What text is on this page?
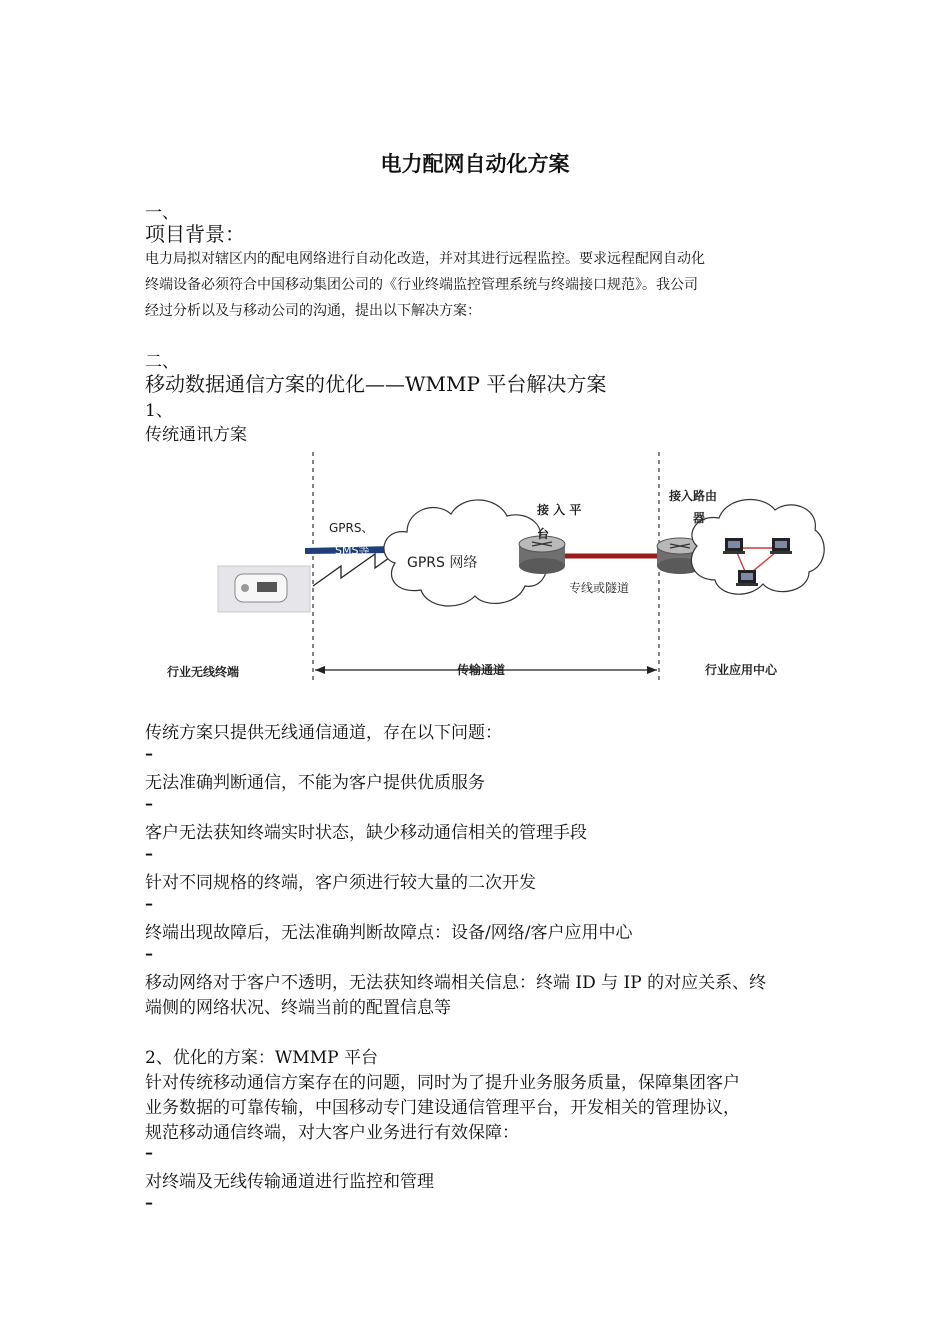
电力配网自动化方案

一、

项目背景：

电力局拟对辖区内的配电网络进行自动化改造，并对其进行远程监控。要求远程配网自动化

终端设备必须符合中国移动集团公司的《行业终端监控管理系统与终端接口规范》。我公司

经过分析以及与移动公司的沟通，提出以下解决方案：

二、

移动数据通信方案的优化——WMMP 平台解决方案

1、

传统通讯方案

GPRS、
SMS等
GPRS 网络
接 入 平
台
接入路由
器
专线或隧道
行业无线终端	传输通道	行业应用中心

传统方案只提供无线通信通道，存在以下问题：

–

无法准确判断通信，不能为客户提供优质服务

–

客户无法获知终端实时状态，缺少移动通信相关的管理手段

–

针对不同规格的终端，客户须进行较大量的二次开发

–

终端出现故障后，无法准确判断故障点：设备/网络/客户应用中心

–

移动网络对于客户不透明，无法获知终端相关信息：终端 ID 与 IP 的对应关系、终

端侧的网络状况、终端当前的配置信息等

2、优化的方案：WMMP 平台

针对传统移动通信方案存在的问题，同时为了提升业务服务质量，保障集团客户

业务数据的可靠传输，中国移动专门建设通信管理平台，开发相关的管理协议，

规范移动通信终端，对大客户业务进行有效保障：

–

对终端及无线传输通道进行监控和管理

–
